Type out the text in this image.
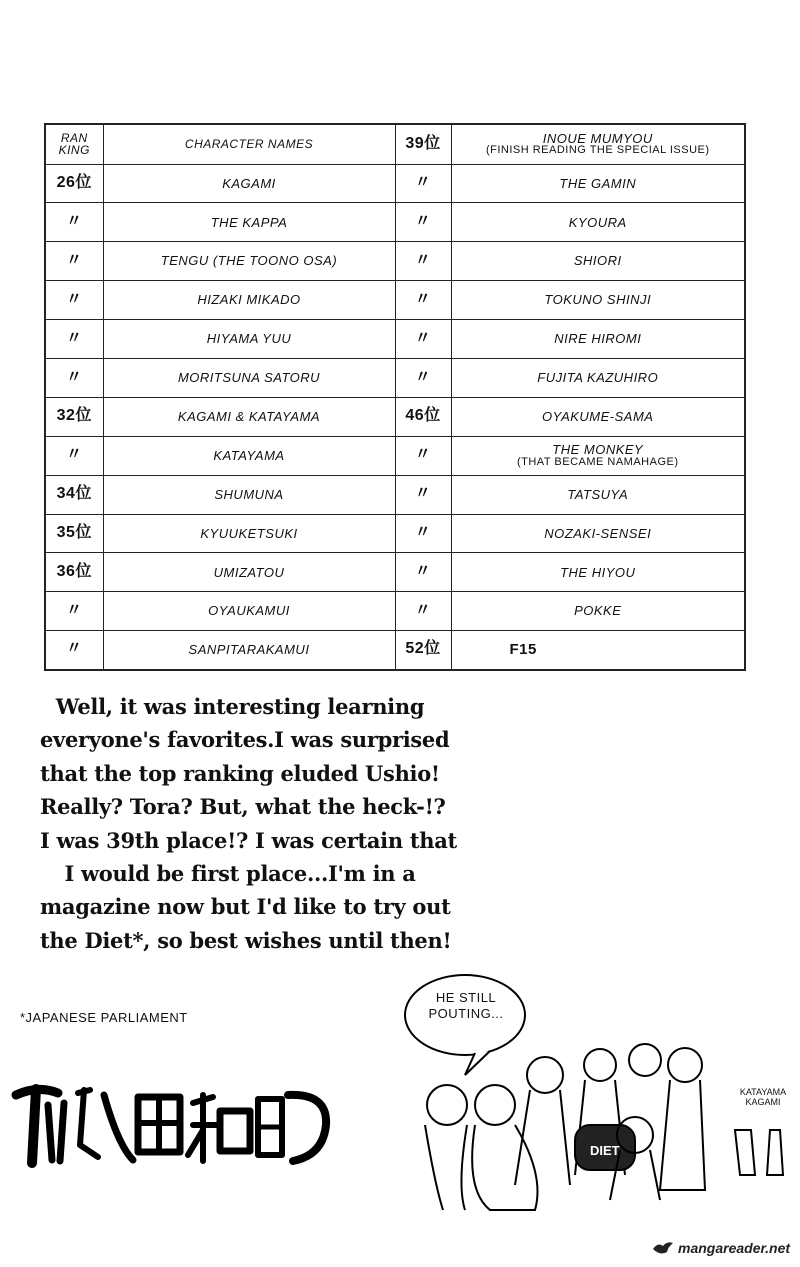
RAN
KING	CHARACTER NAMES	39位	INOUE MUMYOU
(FINISH READING THE SPECIAL ISSUE)

26位	KAGAMI	〃	THE GAMIN
〃	THE KAPPA	〃	KYOURA
〃	TENGU (THE TOONO OSA)	〃	SHIORI
〃	HIZAKI MIKADO	〃	TOKUNO SHINJI
〃	HIYAMA YUU	〃	NIRE HIROMI
〃	MORITSUNA SATORU	〃	FUJITA KAZUHIRO
32位	KAGAMI & KATAYAMA	46位	OYAKUME-SAMA
〃	KATAYAMA	〃	THE MONKEY
(THAT BECAME NAMAHAGE)

34位	SHUMUNA	〃	TATSUYA
35位	KYUUKETSUKI	〃	NOZAKI-SENSEI
36位	UMIZATOU	〃	THE HIYOU
〃	OYAUKAMUI	〃	POKKE
〃	SANPITARAKAMUI	52位	F15
Well, it was interesting learning
everyone's favorites.I was surprised
that the top ranking eluded Ushio!
Really? Tora? But, what the heck-!?
I was 39th place!? I was certain that
I would be first place...I'm in a
magazine now but I'd like to try out
the Diet*, so best wishes until then!
*JAPANESE PARLIAMENT
DIET
HE STILL
POUTING...
KATAYAMA
KAGAMI
mangareader.net
